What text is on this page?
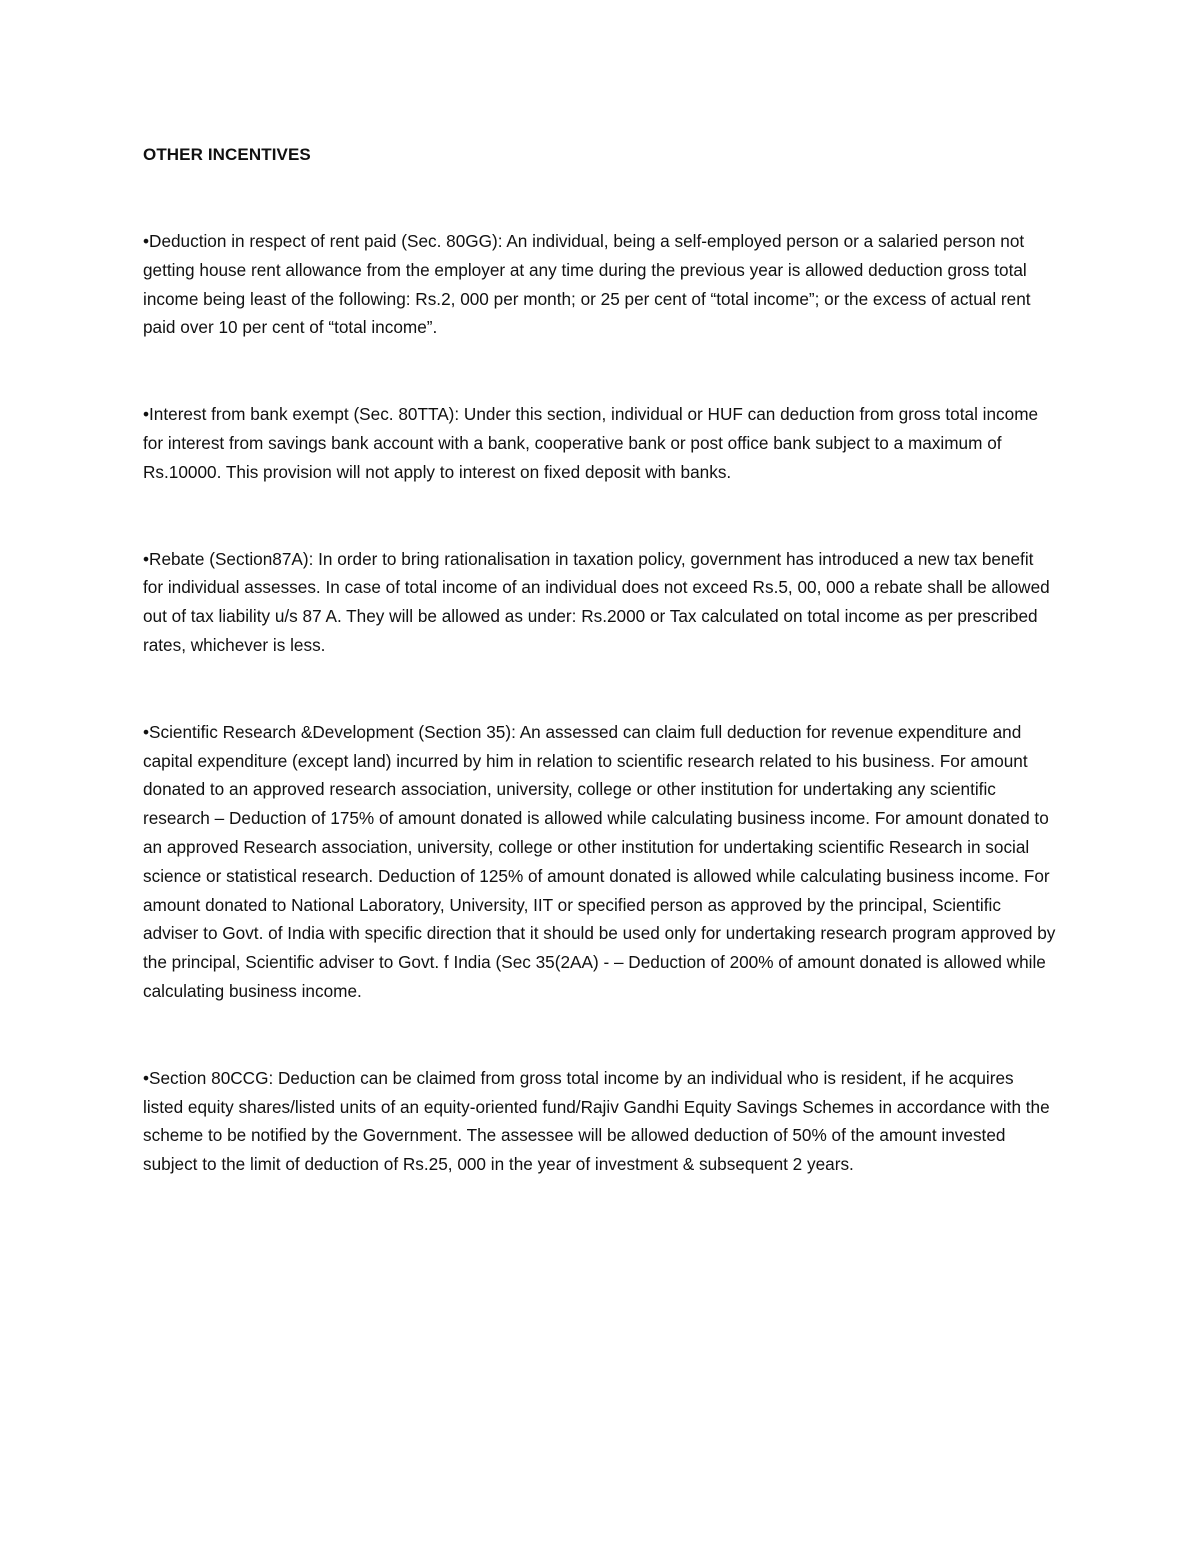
OTHER INCENTIVES

•Deduction in respect of rent paid (Sec. 80GG): An individual, being a self-employed person or a salaried person not getting house rent allowance from the employer at any time during the previous year is allowed deduction gross total income being least of the following: Rs.2, 000 per month; or 25 per cent of “total income”; or the excess of actual rent paid over 10 per cent of “total income”.

•Interest from bank exempt (Sec. 80TTA): Under this section, individual or HUF can deduction from gross total income for interest from savings bank account with a bank, cooperative bank or post office bank subject to a maximum of Rs.10000. This provision will not apply to interest on fixed deposit with banks.

•Rebate (Section87A): In order to bring rationalisation in taxation policy, government has introduced a new tax benefit for individual assesses. In case of total income of an individual does not exceed Rs.5, 00, 000 a rebate shall be allowed out of tax liability u/s 87 A. They will be allowed as under: Rs.2000 or Tax calculated on total income as per prescribed rates, whichever is less.

•Scientific Research &Development (Section 35): An assessed can claim full deduction for revenue expenditure and capital expenditure (except land) incurred by him in relation to scientific research related to his business. For amount donated to an approved research association, university, college or other institution for undertaking any scientific research – Deduction of 175% of amount donated is allowed while calculating business income. For amount donated to an approved Research association, university, college or other institution for undertaking scientific Research in social science or statistical research. Deduction of 125% of amount donated is allowed while calculating business income. For amount donated to National Laboratory, University, IIT or specified person as approved by the principal, Scientific adviser to Govt. of India with specific direction that it should be used only for undertaking research program approved by the principal, Scientific adviser to Govt. f India (Sec 35(2AA) - – Deduction of 200% of amount donated is allowed while calculating business income.

•Section 80CCG: Deduction can be claimed from gross total income by an individual who is resident, if he acquires listed equity shares/listed units of an equity-oriented fund/Rajiv Gandhi Equity Savings Schemes in accordance with the scheme to be notified by the Government. The assessee will be allowed deduction of 50% of the amount invested subject to the limit of deduction of Rs.25, 000 in the year of investment & subsequent 2 years.
